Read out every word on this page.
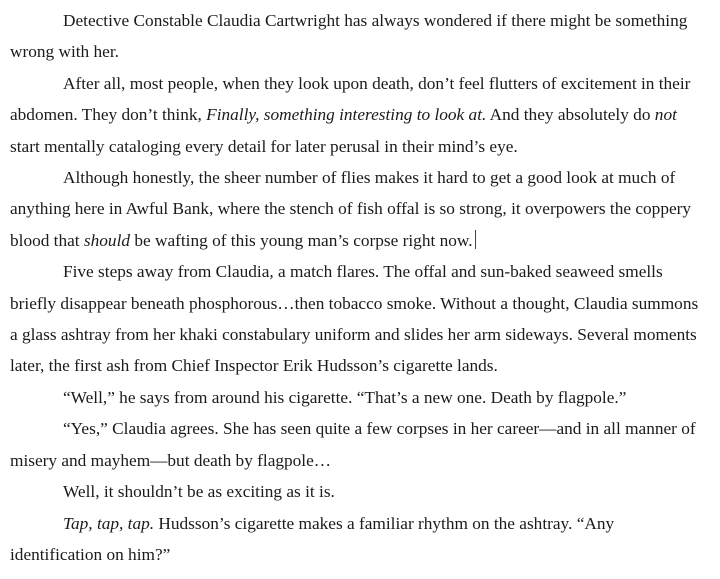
Detective Constable Claudia Cartwright has always wondered if there might be something wrong with her.

After all, most people, when they look upon death, don’t feel flutters of excitement in their abdomen. They don’t think, Finally, something interesting to look at. And they absolutely do not start mentally cataloging every detail for later perusal in their mind’s eye.

Although honestly, the sheer number of flies makes it hard to get a good look at much of anything here in Awful Bank, where the stench of fish offal is so strong, it overpowers the coppery blood that should be wafting of this young man’s corpse right now.

Five steps away from Claudia, a match flares. The offal and sun-baked seaweed smells briefly disappear beneath phosphorous…then tobacco smoke. Without a thought, Claudia summons a glass ashtray from her khaki constabulary uniform and slides her arm sideways. Several moments later, the first ash from Chief Inspector Erik Hudsson’s cigarette lands.

“Well,” he says from around his cigarette. “That’s a new one. Death by flagpole.”

“Yes,” Claudia agrees. She has seen quite a few corpses in her career—and in all manner of misery and mayhem—but death by flagpole…

Well, it shouldn’t be as exciting as it is.

Tap, tap, tap. Hudsson’s cigarette makes a familiar rhythm on the ashtray. “Any identification on him?”
